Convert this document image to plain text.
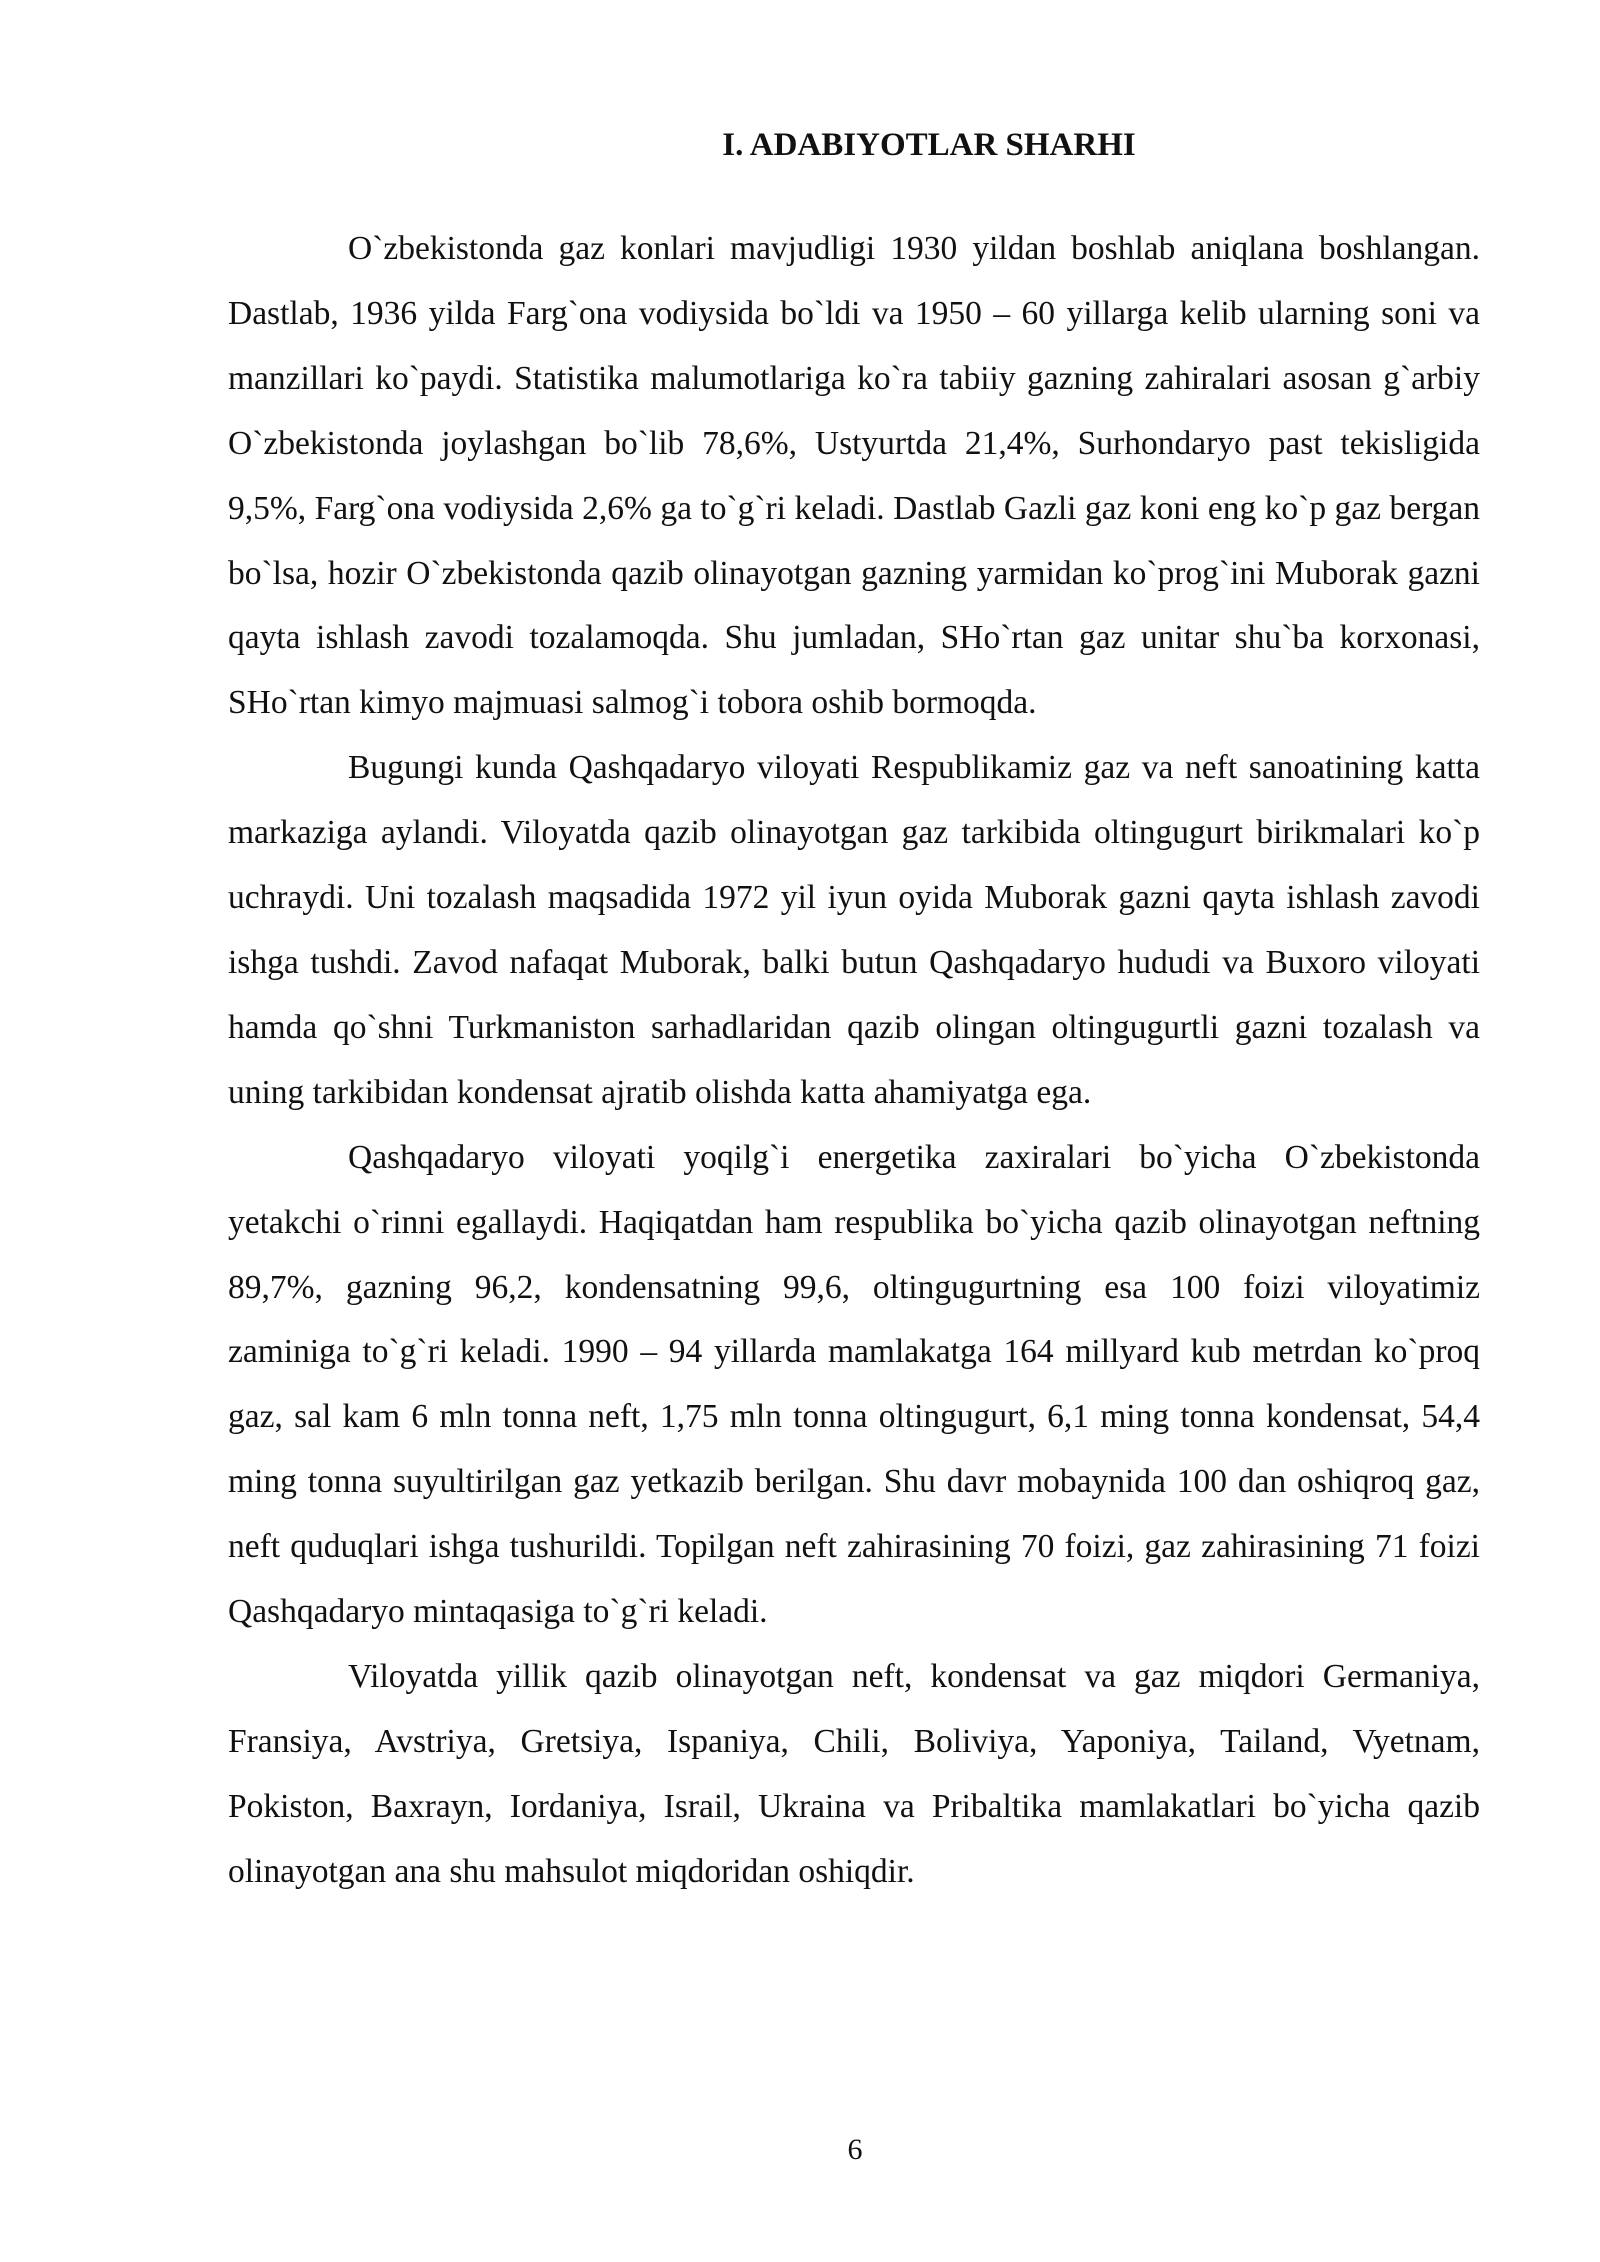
I. ADABIYOTLAR SHARHI

O`zbekistonda gaz konlari mavjudligi 1930 yildan boshlab aniqlana boshlangan. Dastlab, 1936 yilda Farg`ona vodiysida bo`ldi va 1950 – 60 yillarga kelib ularning soni va manzillari ko`paydi. Statistika malumotlariga ko`ra tabiiy gazning zahiralari asosan g`arbiy O`zbekistonda joylashgan bo`lib 78,6%, Ustyurtda 21,4%, Surhondaryo past tekisligida 9,5%, Farg`ona vodiysida 2,6% ga to`g`ri keladi. Dastlab Gazli gaz koni eng ko`p gaz bergan bo`lsa, hozir O`zbekistonda qazib olinayotgan gazning yarmidan ko`prog`ini Muborak gazni qayta ishlash zavodi tozalamoqda. Shu jumladan, SHo`rtan gaz unitar shu`ba korxonasi, SHo`rtan kimyo majmuasi salmog`i tobora oshib bormoqda.

Bugungi kunda Qashqadaryo viloyati Respublikamiz gaz va neft sanoatining katta markaziga aylandi. Viloyatda qazib olinayotgan gaz tarkibida oltingugurt birikmalari ko`p uchraydi. Uni tozalash maqsadida 1972 yil iyun oyida Muborak gazni qayta ishlash zavodi ishga tushdi. Zavod nafaqat Muborak, balki butun Qashqadaryo hududi va Buxoro viloyati hamda qo`shni Turkmaniston sarhadlaridan qazib olingan oltingugurtli gazni tozalash va uning tarkibidan kondensat ajratib olishda katta ahamiyatga ega.

Qashqadaryo viloyati yoqilg`i energetika zaxiralari bo`yicha O`zbekistonda yetakchi o`rinni egallaydi. Haqiqatdan ham respublika bo`yicha qazib olinayotgan neftning 89,7%, gazning 96,2, kondensatning 99,6, oltingugurtning esa 100 foizi viloyatimiz zaminiga to`g`ri keladi. 1990 – 94 yillarda mamlakatga 164 millyard kub metrdan ko`proq gaz, sal kam 6 mln tonna neft, 1,75 mln tonna oltingugurt, 6,1 ming tonna kondensat, 54,4 ming tonna suyultirilgan gaz yetkazib berilgan. Shu davr mobaynida 100 dan oshiqroq gaz, neft quduqlari ishga tushurildi. Topilgan neft zahirasining 70 foizi, gaz zahirasining 71 foizi Qashqadaryo mintaqasiga to`g`ri keladi.

Viloyatda yillik qazib olinayotgan neft, kondensat va gaz miqdori Germaniya, Fransiya, Avstriya, Gretsiya, Ispaniya, Chili, Boliviya, Yaponiya, Tailand, Vyetnam, Pokiston, Baxrayn, Iordaniya, Israil, Ukraina va Pribaltika mamlakatlari bo`yicha qazib olinayotgan ana shu mahsulot miqdoridan oshiqdir.

6
